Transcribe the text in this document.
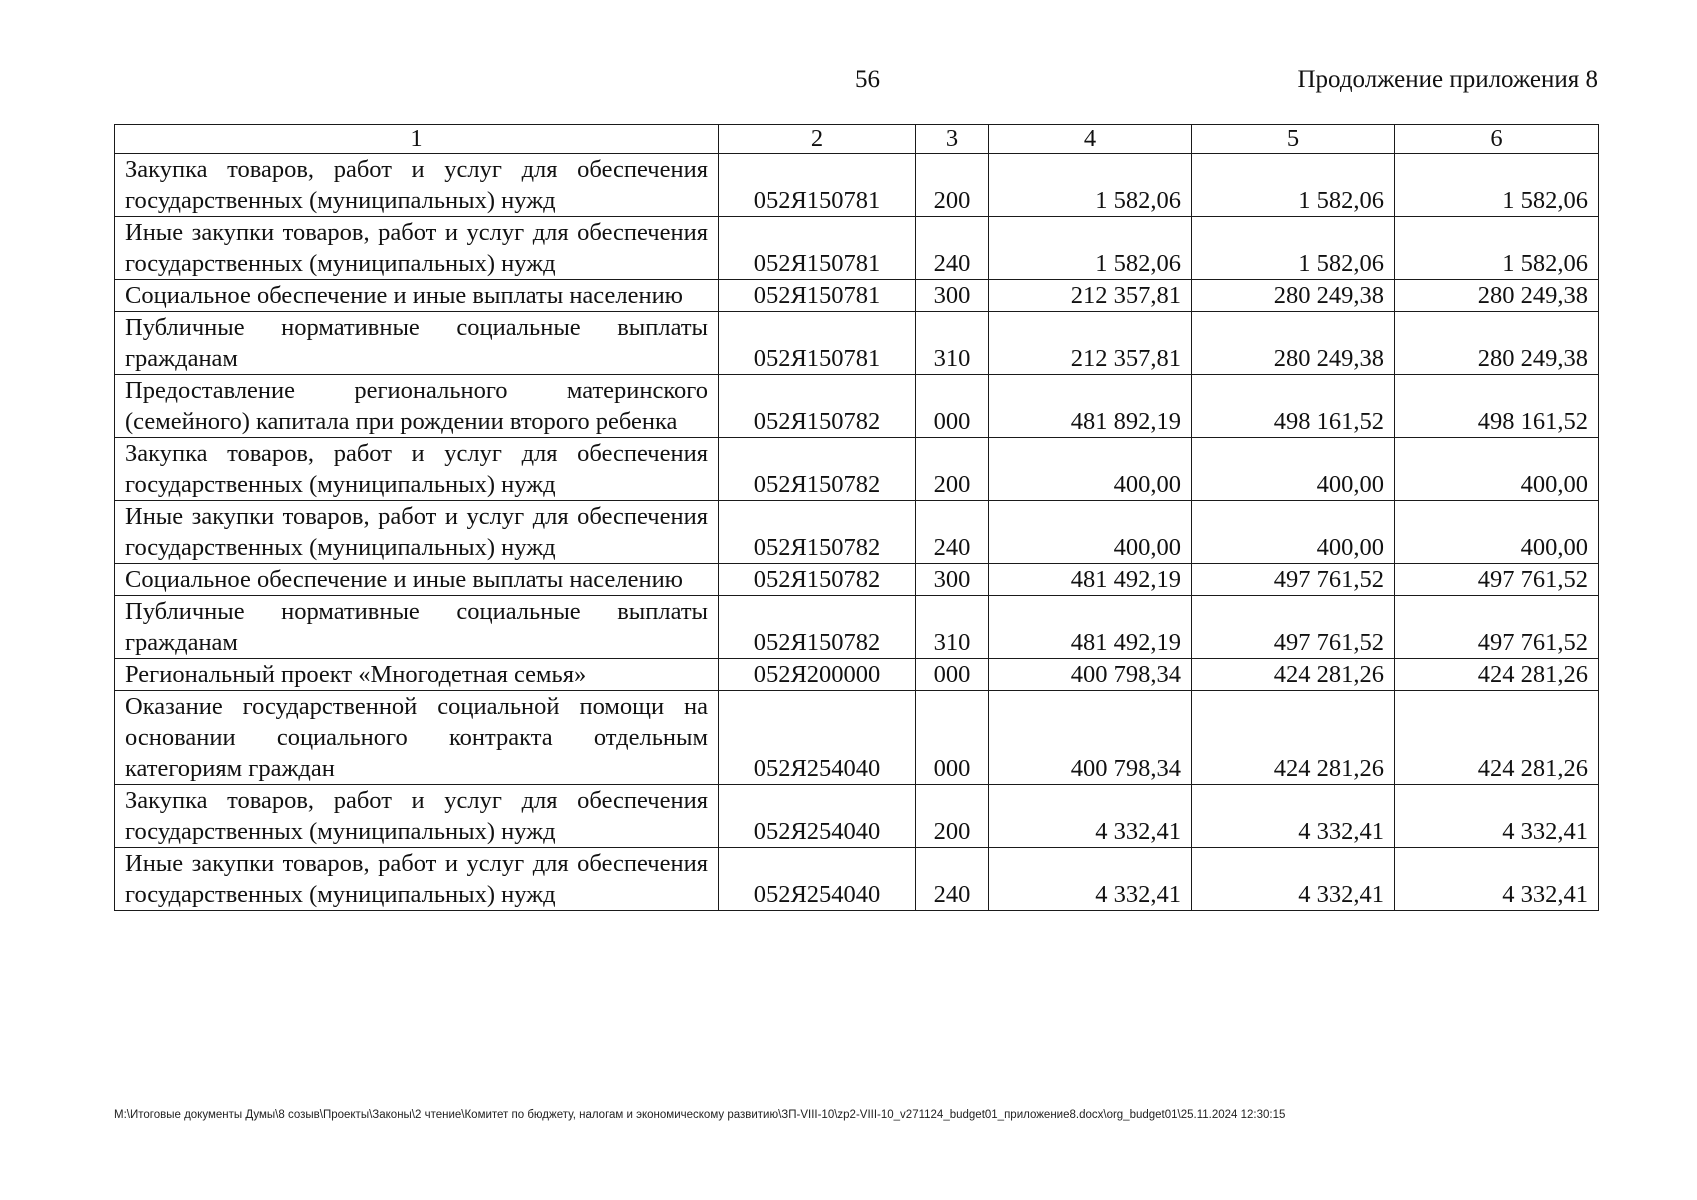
56	Продолжение приложения 8
1	2	3	4	5	6
Закупка товаров, работ и услуг для обеспечения государственных (муниципальных) нужд	052Я150781	200	1 582,06	1 582,06	1 582,06
Иные закупки товаров, работ и услуг для обеспечения государственных (муниципальных) нужд	052Я150781	240	1 582,06	1 582,06	1 582,06
Социальное обеспечение и иные выплаты населению	052Я150781	300	212 357,81	280 249,38	280 249,38
Публичные нормативные социальные выплаты гражданам	052Я150781	310	212 357,81	280 249,38	280 249,38
Предоставление регионального материнского (семейного) капитала при рождении второго ребенка	052Я150782	000	481 892,19	498 161,52	498 161,52
Закупка товаров, работ и услуг для обеспечения государственных (муниципальных) нужд	052Я150782	200	400,00	400,00	400,00
Иные закупки товаров, работ и услуг для обеспечения государственных (муниципальных) нужд	052Я150782	240	400,00	400,00	400,00
Социальное обеспечение и иные выплаты населению	052Я150782	300	481 492,19	497 761,52	497 761,52
Публичные нормативные социальные выплаты гражданам	052Я150782	310	481 492,19	497 761,52	497 761,52
Региональный проект «Многодетная семья»	052Я200000	000	400 798,34	424 281,26	424 281,26
Оказание государственной социальной помощи на основании социального контракта отдельным категориям граждан	052Я254040	000	400 798,34	424 281,26	424 281,26
Закупка товаров, работ и услуг для обеспечения государственных (муниципальных) нужд	052Я254040	200	4 332,41	4 332,41	4 332,41
Иные закупки товаров, работ и услуг для обеспечения государственных (муниципальных) нужд	052Я254040	240	4 332,41	4 332,41	4 332,41
M:\Итоговые документы Думы\8 созыв\Проекты\Законы\2 чтение\Комитет по бюджету, налогам и экономическому развитию\ЗП-VIII-10\zp2-VIII-10_v271124_budget01_приложение8.docx\org_budget01\25.11.2024 12:30:15
